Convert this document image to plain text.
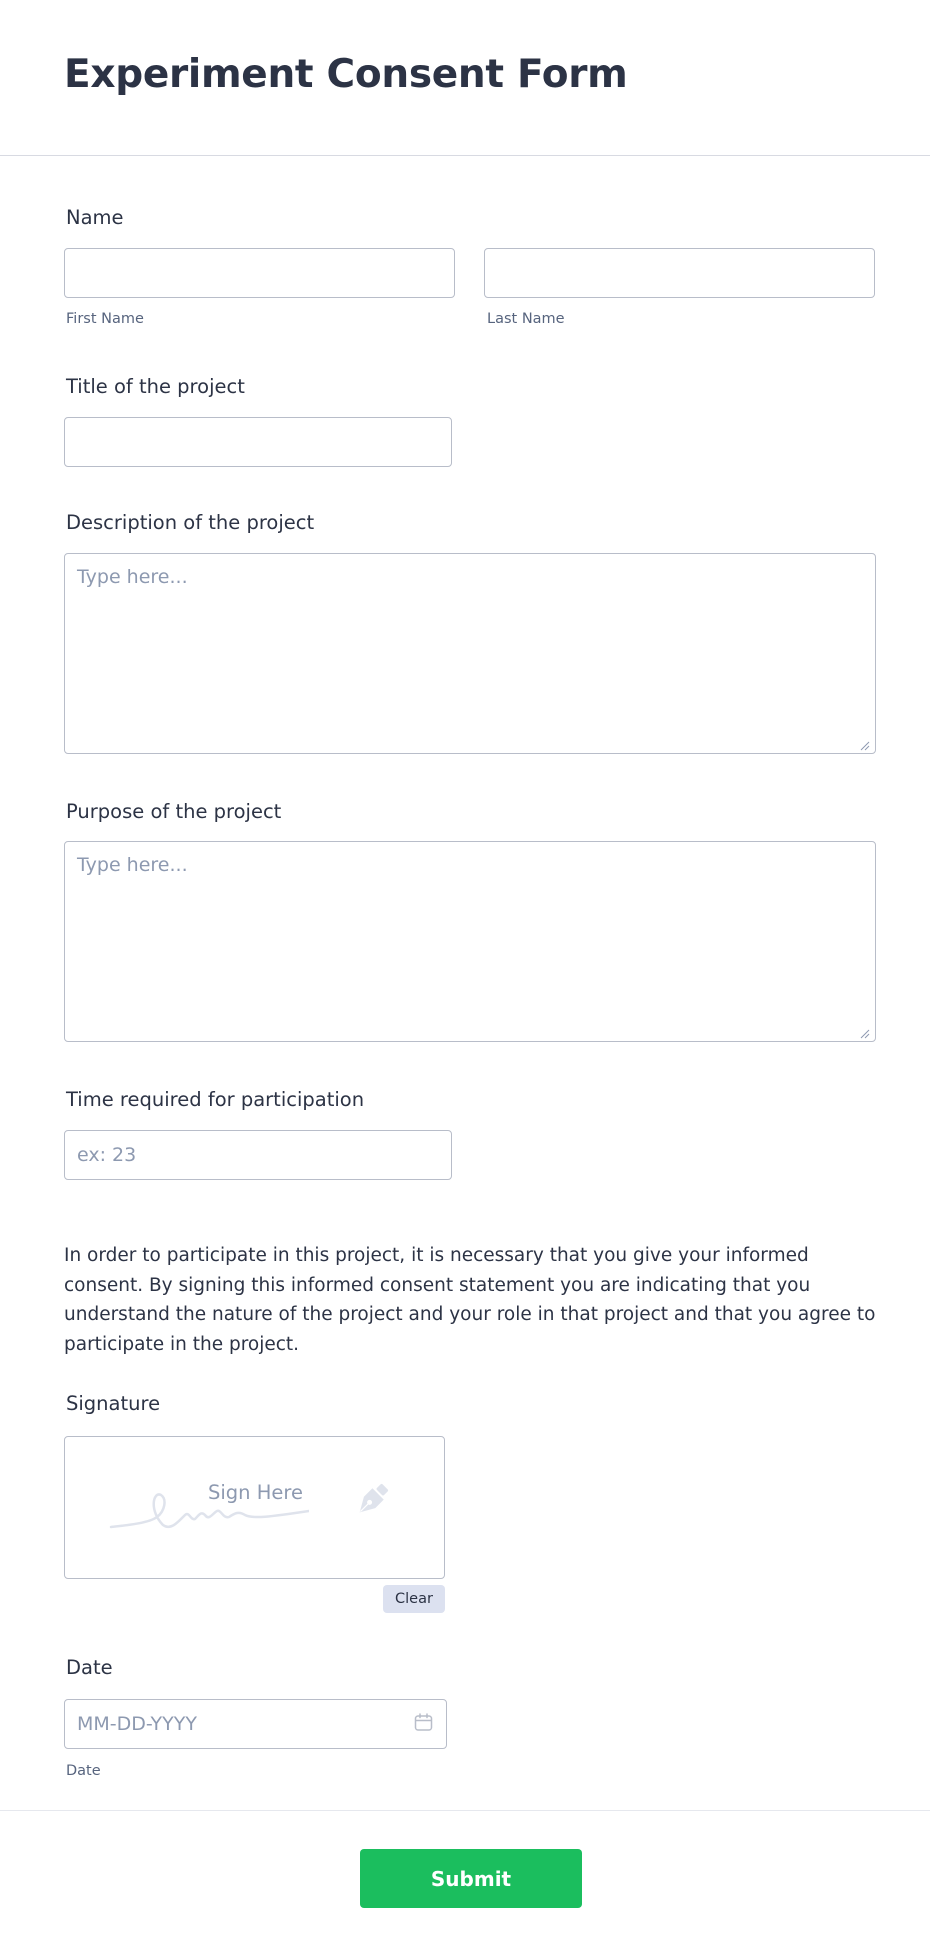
Experiment Consent Form
Name
First Name	Last Name
Title of the project
Description of the project
Type here...
Purpose of the project
Type here...
Time required for participation
ex: 23

In order to participate in this project, it is necessary that you give your informed consent. By signing this informed consent statement you are indicating that you understand the nature of the project and your role in that project and that you agree to participate in the project.

Signature
Sign Here
Clear
Date
MM-DD-YYYY
Date
Submit
